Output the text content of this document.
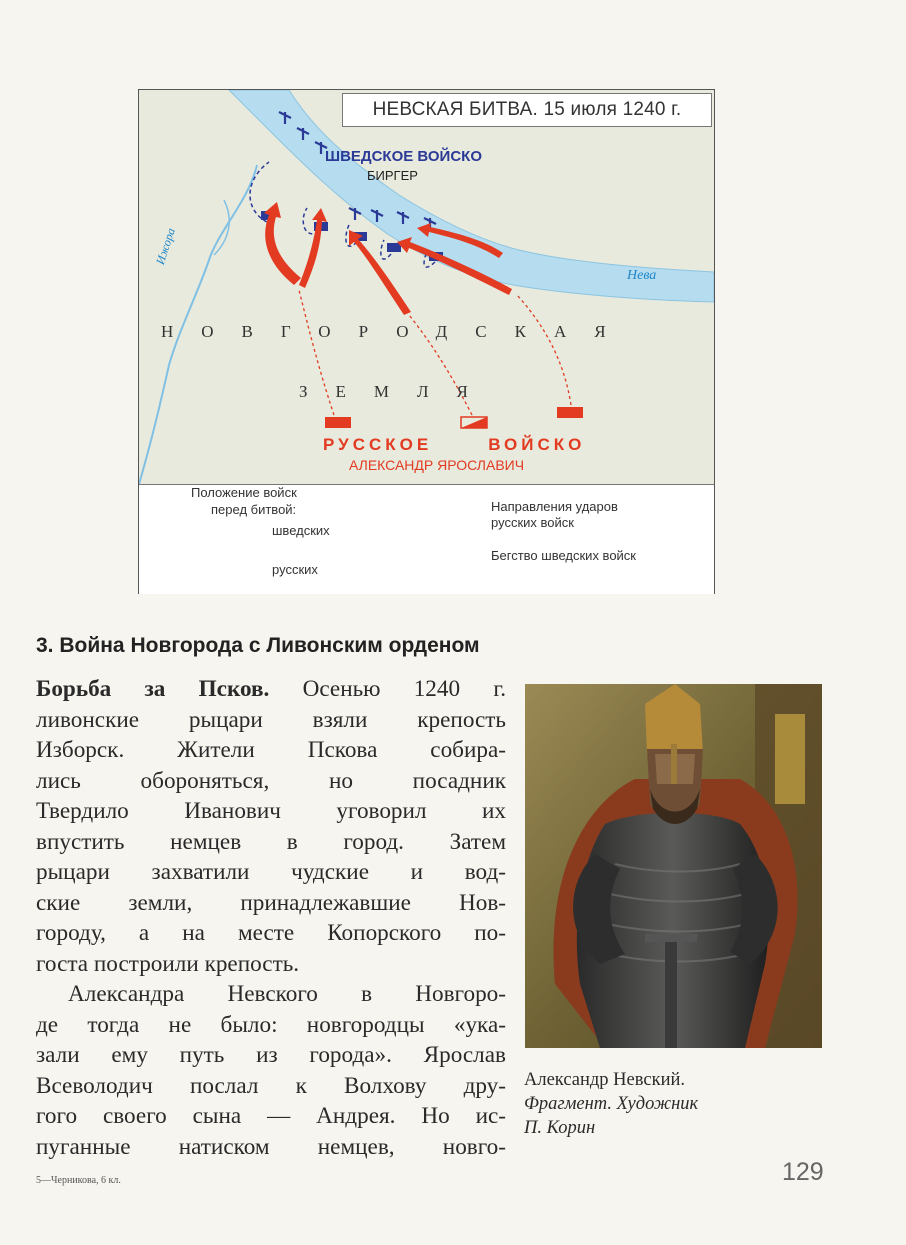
НЕВСКАЯ БИТВА. 15 июля 1240 г.
ШВЕДСКОЕ ВОЙСКО
БИРГЕР
Нева
Ижора
НОВГОРОДСКАЯ
ЗЕМЛЯ
РУССКОЕ	ВОЙСКО
АЛЕКСАНДР ЯРОСЛАВИЧ
Положение войск
перед битвой:
шведских
русских
Направления ударов
русских войск
Бегство шведских войск
3. Война Новгорода с Ливонским орденом

Борьба за Псков. Осенью 1240 г.

ливонские рыцари взяли крепость

Изборск. Жители Пскова собира-

лись обороняться, но посадник

Твердило Иванович уговорил их

впустить немцев в город. Затем

рыцари захватили чудские и вод-

ские земли, принадлежавшие Нов-

городу, а на месте Копорского по-

госта построили крепость.

Александра Невского в Новгоро-

де тогда не было: новгородцы «ука-

зали ему путь из города». Ярослав

Всеволодич послал к Волхову дру-

гого своего сына — Андрея. Но ис-

пуганные натиском немцев, новго-

Александр Невский.
Фрагмент. Художник
П. Корин
5—Черникова, 6 кл.	129
